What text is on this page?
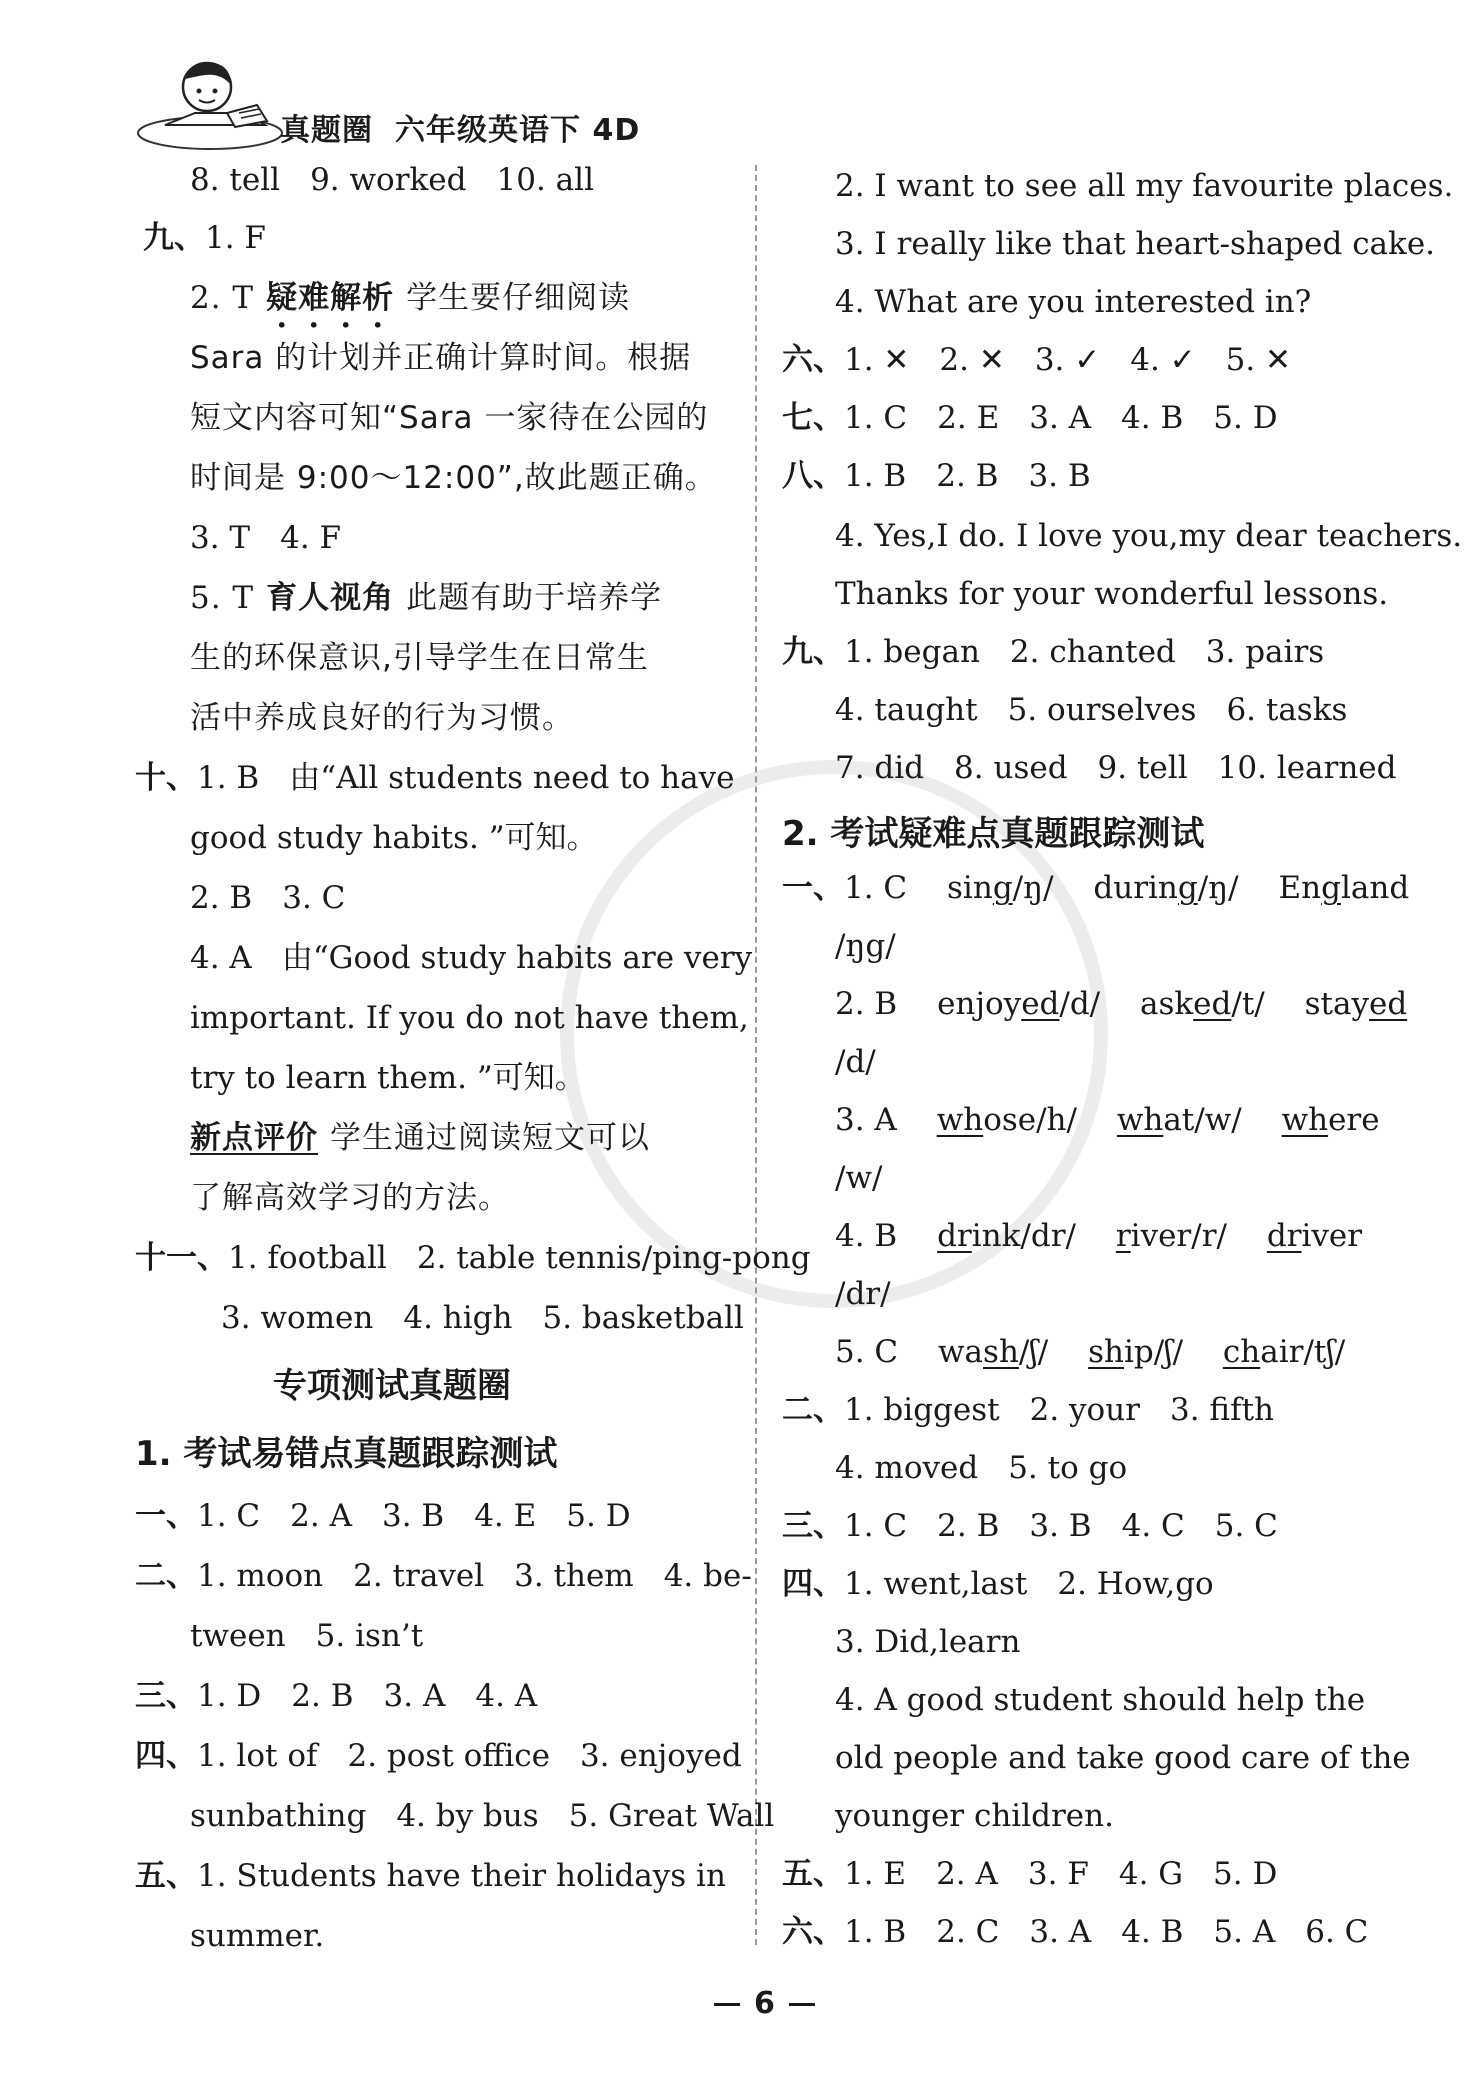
真题圈 六年级英语下 4D
8. tell 9. worked 10. all
九、1. F
2. T 疑难解析 学生要仔细阅读
Sara 的计划并正确计算时间。根据
短文内容可知“Sara 一家待在公园的
时间是 9:00～12:00”,故此题正确。
3. T 4. F
5. T 育人视角 此题有助于培养学
生的环保意识,引导学生在日常生
活中养成良好的行为习惯。
十、1. B 由“All students need to have
good study habits. ”可知。
2. B 3. C
4. A 由“Good study habits are very
important. If you do not have them,
try to learn them. ”可知。
新点评价 学生通过阅读短文可以
了解高效学习的方法。
十一、1. football 2. table tennis/ping-pong
3. women 4. high 5. basketball
专项测试真题圈
1. 考试易错点真题跟踪测试
一、1. C 2. A 3. B 4. E 5. D
二、1. moon 2. travel 3. them 4. be-
tween 5. isn’t
三、1. D 2. B 3. A 4. A
四、1. lot of 2. post office 3. enjoyed
sunbathing 4. by bus 5. Great Wall
五、1. Students have their holidays in
summer.
2. I want to see all my favourite places.
3. I really like that heart-shaped cake.
4. What are you interested in?
六、1. ✕ 2. ✕ 3. ✓ 4. ✓ 5. ✕
七、1. C 2. E 3. A 4. B 5. D
八、1. B 2. B 3. B
4. Yes,I do. I love you,my dear teachers.
Thanks for your wonderful lessons.
九、1. began 2. chanted 3. pairs
4. taught 5. ourselves 6. tasks
7. did 8. used 9. tell 10. learned
2. 考试疑难点真题跟踪测试
一、1. C sing/ŋ/ during/ŋ/ England
/ŋg/
2. B enjoyed/d/ asked/t/ stayed
/d/
3. A whose/h/ what/w/ where
/w/
4. B drink/dr/ river/r/ driver
/dr/
5. C wash/ʃ/ ship/ʃ/ chair/tʃ/
二、1. biggest 2. your 3. fifth
4. moved 5. to go
三、1. C 2. B 3. B 4. C 5. C
四、1. went,last 2. How,go
3. Did,learn
4. A good student should help the
old people and take good care of the
younger children.
五、1. E 2. A 3. F 4. G 5. D
六、1. B 2. C 3. A 4. B 5. A 6. C
6
